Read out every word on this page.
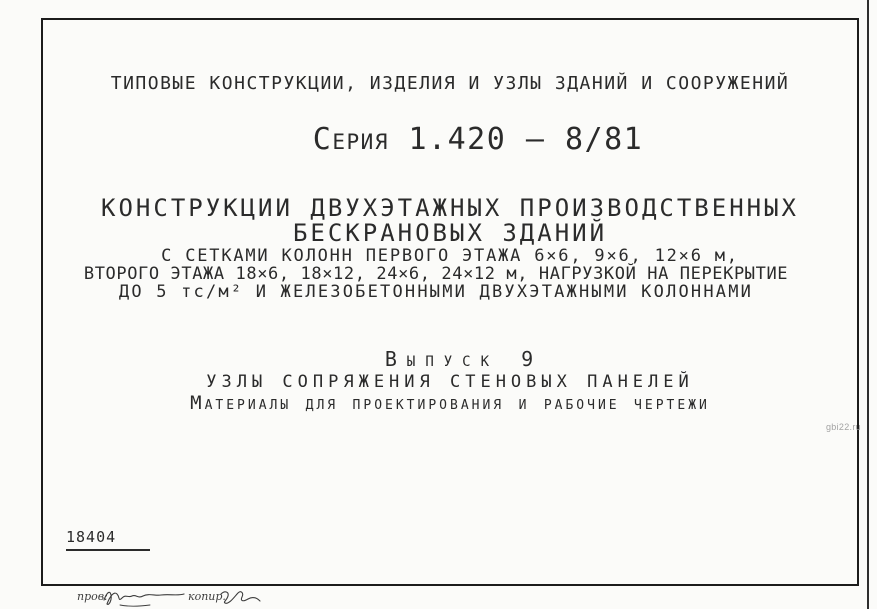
ТИПОВЫЕ КОНСТРУКЦИИ, ИЗДЕЛИЯ И УЗЛЫ ЗДАНИЙ И СООРУЖЕНИЙ
Серия 1.420 – 8/81
КОНСТРУКЦИИ ДВУХЭТАЖНЫХ ПРОИЗВОДСТВЕННЫХ
БЕСКРАНОВЫХ ЗДАНИЙ
С СЕТКАМИ КОЛОНН ПЕРВОГО ЭТАЖА 6×6, 9×6, 12×6 м,
ВТОРОГО ЭТАЖА 18×6, 18×12, 24×6, 24×12 м, НАГРУЗКОЙ НА ПЕРЕКРЫТИЕ
ДО 5 тс/м² И ЖЕЛЕЗОБЕТОННЫМИ ДВУХЭТАЖНЫМИ КОЛОННАМИ
Выпуск 9
УЗЛЫ СОПРЯЖЕНИЯ СТЕНОВЫХ ПАНЕЛЕЙ
Материалы для проектирования и рабочие чертежи
18404
gbi22.ru
пров:	копир.
